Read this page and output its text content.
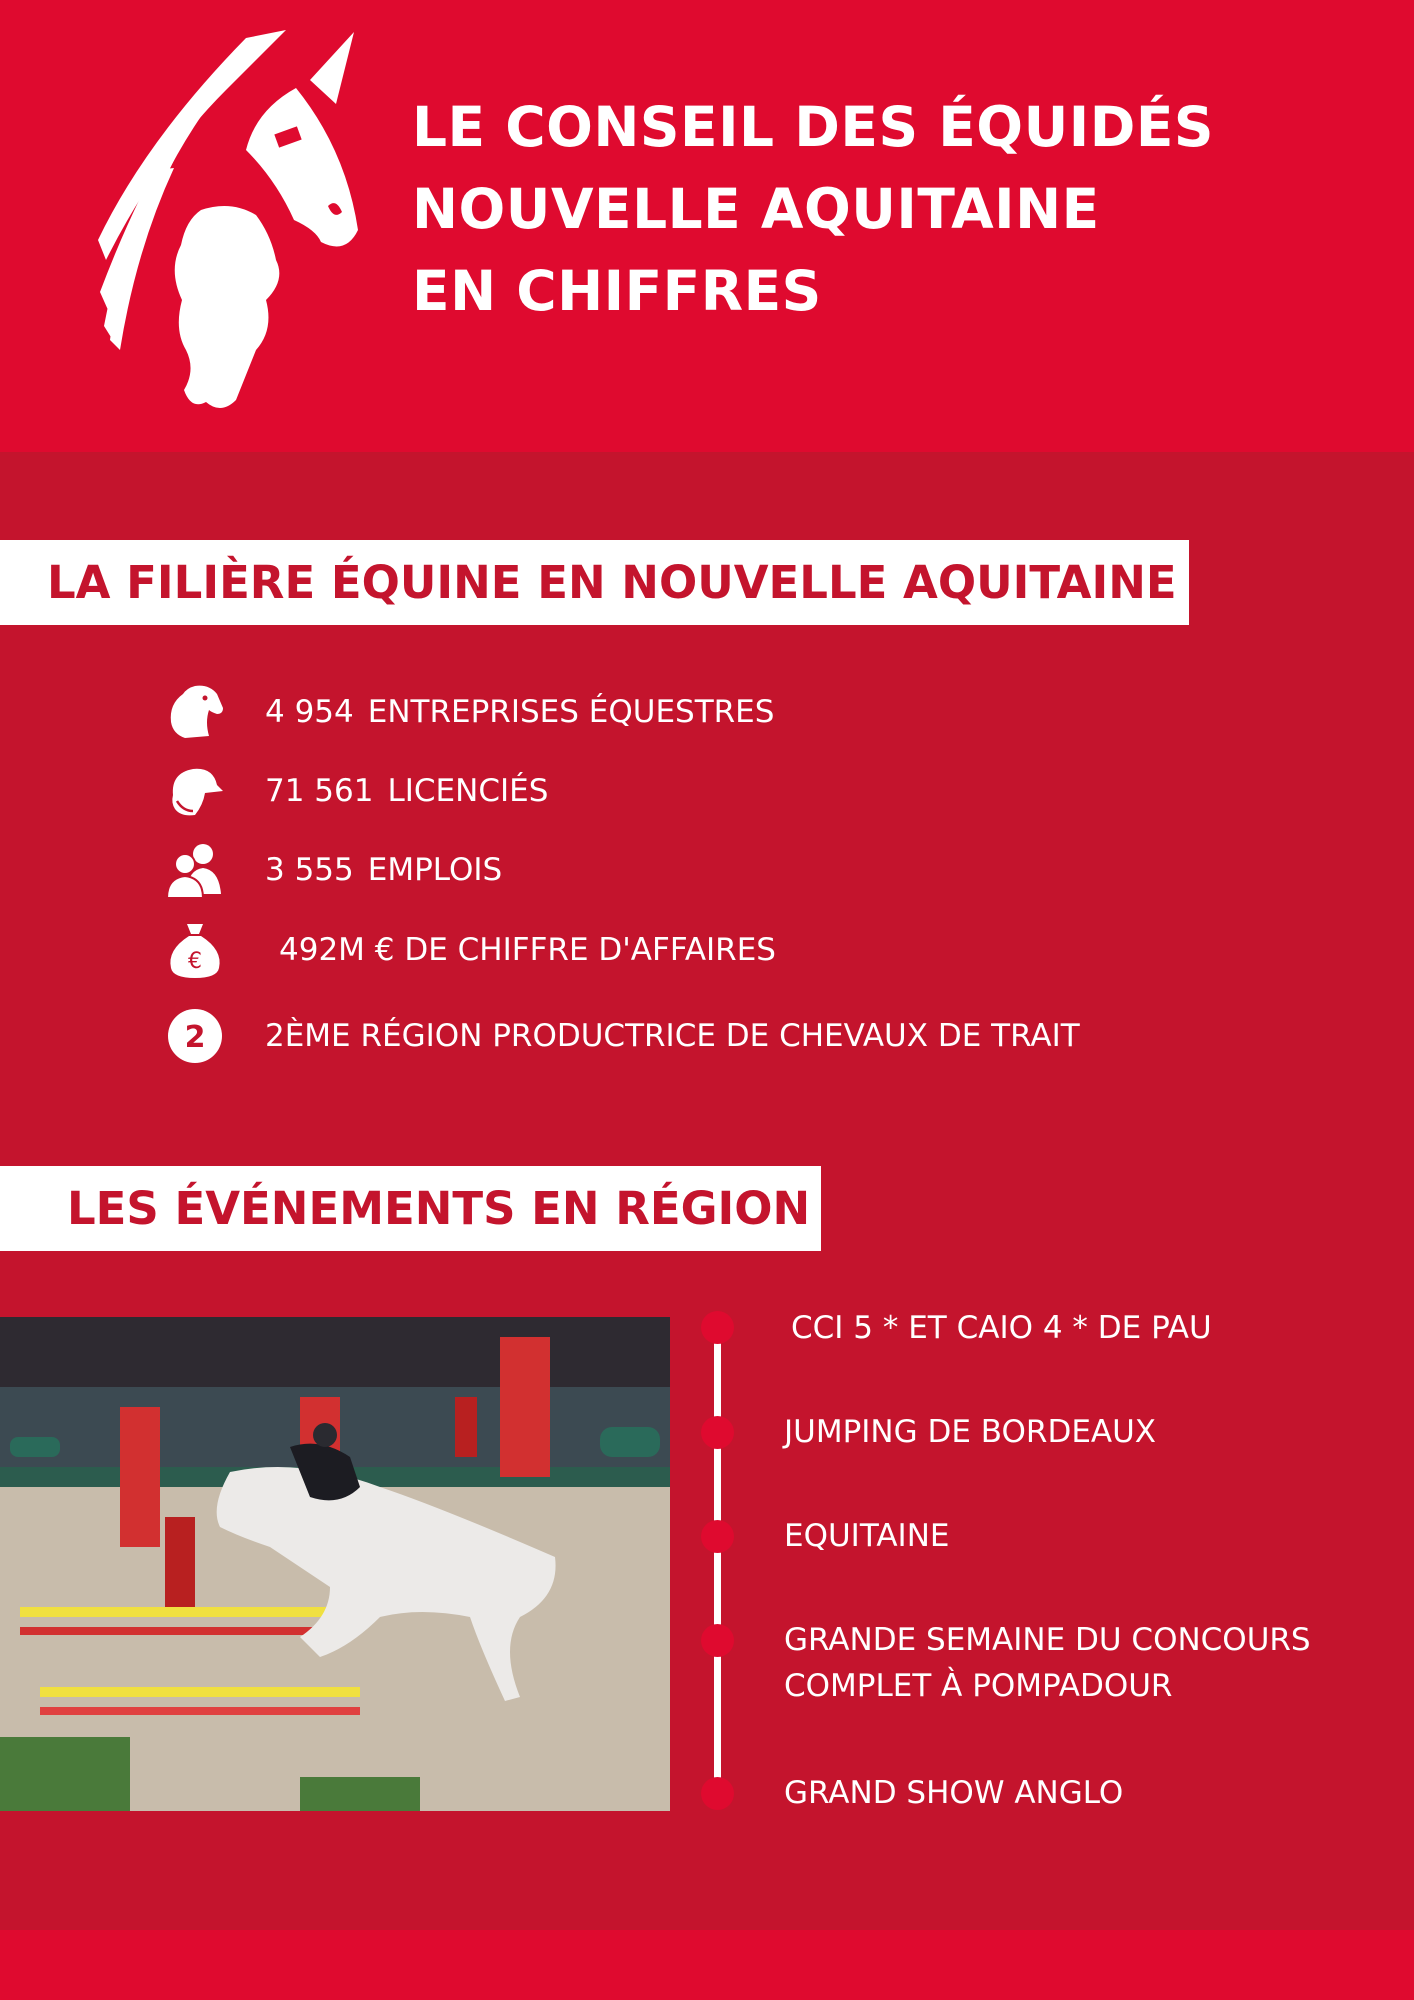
LE CONSEIL DES ÉQUIDÉS
NOUVELLE AQUITAINE
EN CHIFFRES
LA FILIÈRE ÉQUINE EN NOUVELLE AQUITAINE
4 954 ENTREPRISES ÉQUESTRES
71 561 LICENCIÉS
3 555 EMPLOIS
€	492M € DE CHIFFRE D'AFFAIRES
2 2ÈME RÉGION PRODUCTRICE DE CHEVAUX DE TRAIT
LES ÉVÉNEMENTS EN RÉGION
CCI 5 * ET CAIO 4 * DE PAU
JUMPING DE BORDEAUX
EQUITAINE
GRANDE SEMAINE DU CONCOURS COMPLET À POMPADOUR
GRAND SHOW ANGLO
